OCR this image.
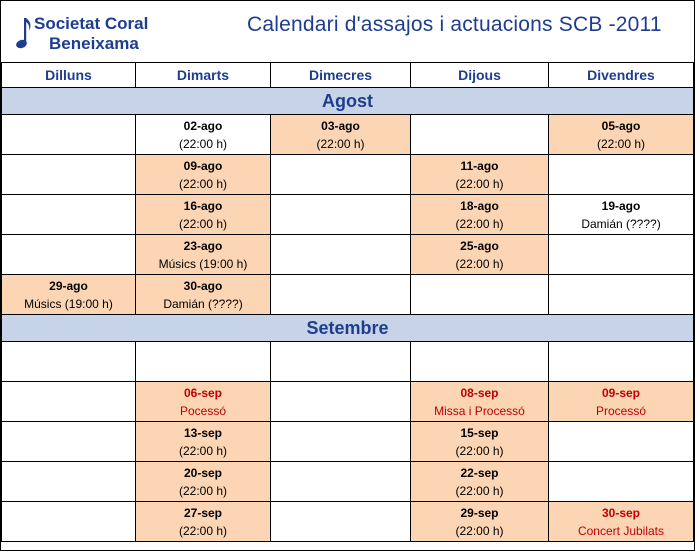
Societat Coral
Beneixama
Calendari d'assajos i actuacions SCB -2011
Dilluns	Dimarts	Dimecres	Dijous	Divendres
Agost				

	02-ago
(22:00 h)	03-ago
(22:00 h)		05-ago
(22:00 h)

	09-ago
(22:00 h)		11-ago
(22:00 h)	

	16-ago
(22:00 h)		18-ago
(22:00 h)	19-ago
Damián (????)

	23-ago
Músics (19:00 h)		25-ago
(22:00 h)	

29-ago
Músics (19:00 h)	30-ago
Damián (????)			

Setembre				

	06-sep
Pocessó		08-sep
Missa i Processó	09-sep
Processó

	13-sep
(22:00 h)		15-sep
(22:00 h)	

	20-sep
(22:00 h)		22-sep
(22:00 h)	

	27-sep
(22:00 h)		29-sep
(22:00 h)	30-sep
Concert Jubilats
